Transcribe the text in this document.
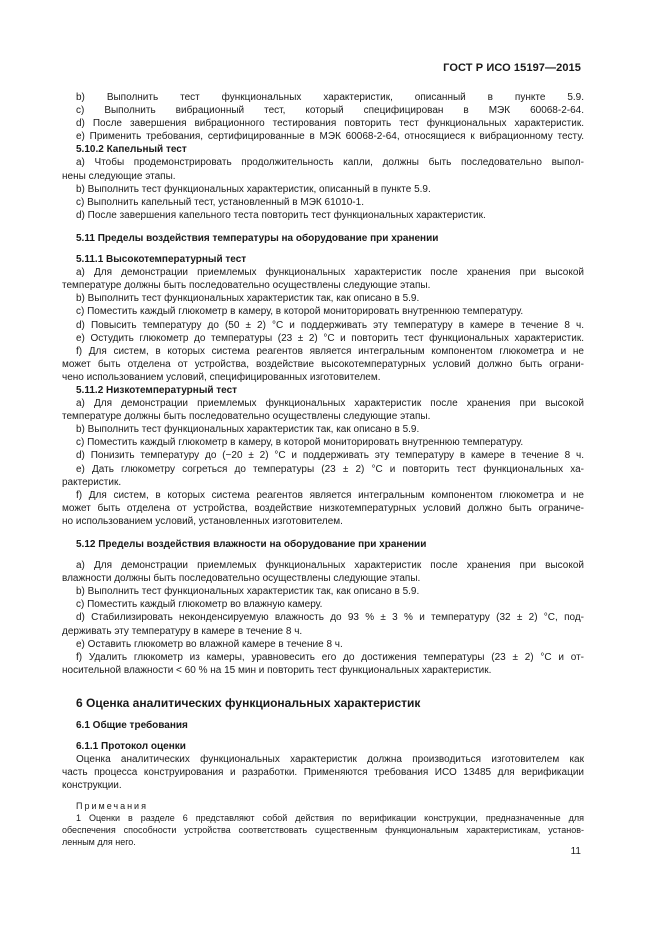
ГОСТ Р ИСО 15197—2015
b) Выполнить тест функциональных характеристик, описанный в пункте 5.9.
c) Выполнить вибрационный тест, который специфицирован в МЭК 60068-2-64.
d) После завершения вибрационного тестирования повторить тест функциональных характеристик.
e) Применить требования, сертифицированные в МЭК 60068-2-64, относящиеся к вибрационному тесту.
5.10.2 Капельный тест
a) Чтобы продемонстрировать продолжительность капли, должны быть последовательно выпол-
нены следующие этапы.
b) Выполнить тест функциональных характеристик, описанный в пункте 5.9.
c) Выполнить капельный тест, установленный в МЭК 61010-1.
d) После завершения капельного теста повторить тест функциональных характеристик.
5.11 Пределы воздействия температуры на оборудование при хранении
5.11.1 Высокотемпературный тест
a) Для демонстрации приемлемых функциональных характеристик после хранения при высокой
температуре должны быть последовательно осуществлены следующие этапы.
b) Выполнить тест функциональных характеристик так, как описано в 5.9.
c) Поместить каждый глюкометр в камеру, в которой мониторировать внутреннюю температуру.
d) Повысить температуру до (50 ± 2) °С и поддерживать эту температуру в камере в течение 8 ч.
e) Остудить глюкометр до температуры (23 ± 2) °С и повторить тест функциональных характеристик.
f) Для систем, в которых система реагентов является интегральным компонентом глюкометра и не
может быть отделена от устройства, воздействие высокотемпературных условий должно быть ограни-
чено использованием условий, специфицированных изготовителем.
5.11.2 Низкотемпературный тест
a) Для демонстрации приемлемых функциональных характеристик после хранения при высокой
температуре должны быть последовательно осуществлены следующие этапы.
b) Выполнить тест функциональных характеристик так, как описано в 5.9.
c) Поместить каждый глюкометр в камеру, в которой мониторировать внутреннюю температуру.
d) Понизить температуру до (−20 ± 2) °С и поддерживать эту температуру в камере в течение 8 ч.
e) Дать глюкометру согреться до температуры (23 ± 2) °С и повторить тест функциональных ха-
рактеристик.
f) Для систем, в которых система реагентов является интегральным компонентом глюкометра и не
может быть отделена от устройства, воздействие низкотемпературных условий должно быть ограниче-
но использованием условий, установленных изготовителем.
5.12 Пределы воздействия влажности на оборудование при хранении
a) Для демонстрации приемлемых функциональных характеристик после хранения при высокой
влажности должны быть последовательно осуществлены следующие этапы.
b) Выполнить тест функциональных характеристик так, как описано в 5.9.
c) Поместить каждый глюкометр во влажную камеру.
d) Стабилизировать неконденсируемую влажность до 93 % ± 3 % и температуру (32 ± 2) °С, под-
держивать эту температуру в камере в течение 8 ч.
e) Оставить глюкометр во влажной камере в течение 8 ч.
f) Удалить глюкометр из камеры, уравновесить его до достижения температуры (23 ± 2) °С и от-
носительной влажности < 60 % на 15 мин и повторить тест функциональных характеристик.
6 Оценка аналитических функциональных характеристик
6.1 Общие требования
6.1.1 Протокол оценки
Оценка аналитических функциональных характеристик должна производиться изготовителем как
часть процесса конструирования и разработки. Применяются требования ИСО 13485 для верификации
конструкции.
Примечания
1 Оценки в разделе 6 представляют собой действия по верификации конструкции, предназначенные для
обеспечения способности устройства соответствовать существенным функциональным характеристикам, установ-
ленным для него.
11
